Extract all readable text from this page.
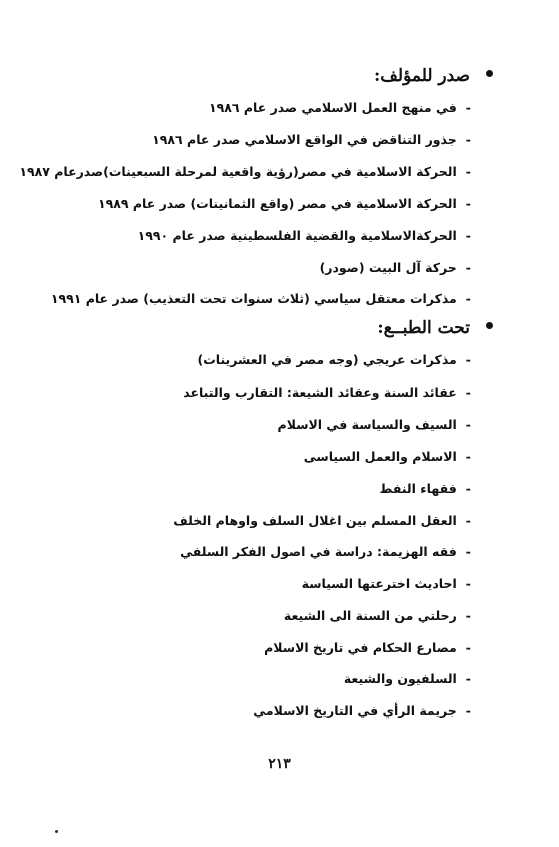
صدر للمؤلف:
-في منهج العمل الاسلامي صدر عام ١٩٨٦
-جذور التناقض في الواقع الاسلامي صدر عام ١٩٨٦
-الحركة الاسلامية في مصر(رؤية واقعية لمرحلة السبعينات)صدرعام ١٩٨٧
-الحركة الاسلامية في مصر (واقع الثمانينات) صدر عام ١٩٨٩
-الحركةالاسلامية والقضية الفلسطينية صدر عام ١٩٩٠
-حركة آل البيت (صودر)
-مذكرات معتقل سياسي (ثلاث سنوات تحت التعذيب) صدر عام ١٩٩١
تحت الطبــع:
-مذكرات عريجي (وجه مصر في العشرينات)
-عقائد السنة وعقائد الشيعة: التقارب والتباعد
-السيف والسياسة في الاسلام
-الاسلام والعمل السياسى
-فقهاء النفط
-العقل المسلم بين اغلال السلف واوهام الخلف
-فقه الهزيمة: دراسة في اصول الفكر السلفي
-احاديث اخترعتها السياسة
-رحلتي من السنة الى الشيعة
-مصارع الحكام في تاريخ الاسلام
-السلفيون والشيعة
-جريمة الرأي في التاريخ الاسلامي
٢١٣
